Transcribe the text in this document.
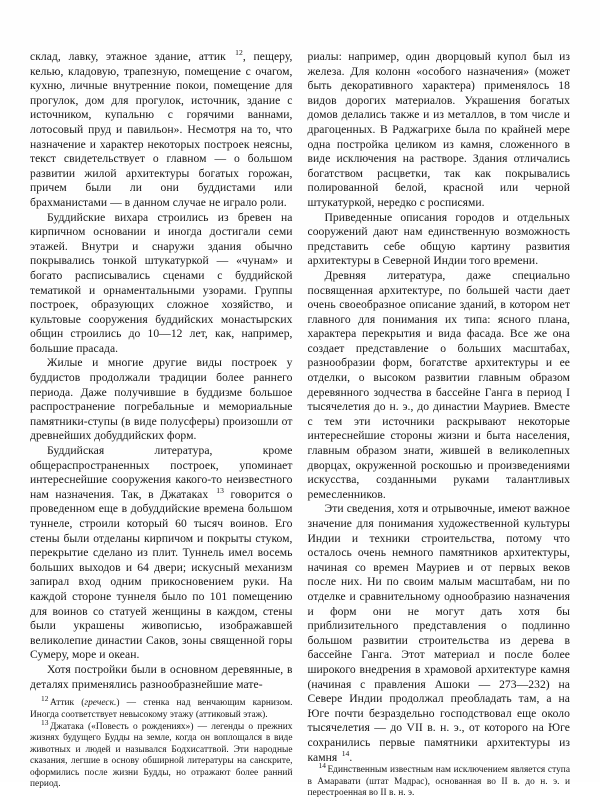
склад, лавку, этажное здание, аттик $^{12}$, пещеру, келью, кладовую, трапезную, помещение с очагом, кухню, личные внутренние покои, помещение для прогулок, дом для прогулок, источник, здание с источником, купальню с горячими ваннами, лотосовый пруд и павильон». Несмотря на то, что назначение и характер некоторых построек неясны, текст свидетельствует о главном — о большом развитии жилой архитектуры богатых горожан, причем были ли они буддистами или брахманистами — в данном случае не играло роли.

Буддийские вихара строились из бревен на кирпичном основании и иногда достигали семи этажей. Внутри и снаружи здания обычно покрывались тонкой штукатуркой — «чунам» и богато расписывались сценами с буддийской тематикой и орнаментальными узорами. Группы построек, образующих сложное хозяйство, и культовые сооружения буддийских монастырских общин строились до 10—12 лет, как, например, большие прасада.

Жилые и многие другие виды построек у буддистов продолжали традиции более раннего периода. Даже получившие в буддизме большое распространение погребальные и мемориальные памятники-ступы (в виде полусферы) произошли от древнейших добуддийских форм.

Буддийская литература, кроме общераспространенных построек, упоминает интереснейшие сооружения какого-то неизвестного нам назначения. Так, в Джатаках $^{13}$ говорится о проведенном еще в добуддийские времена большом туннеле, строили который 60 тысяч воинов. Его стены были отделаны кирпичом и покрыты стуком, перекрытие сделано из плит. Туннель имел восемь больших выходов и 64 двери; искусный механизм запирал вход одним прикосновением руки. На каждой стороне туннеля было по 101 помещению для воинов со статуей женщины в каждом, стены были украшены живописью, изображавшей великолепие династии Саков, зоны священной горы Сумеру, море и океан.

Хотя постройки были в основном деревянные, в деталях применялись разнообразнейшие мате-

$^{12}$ Аттик (греческ.) — стенка над венчающим карнизом. Иногда соответствует невысокому этажу (аттиковый этаж).

$^{13}$ Джатака («Повесть о рождениях») — легенды о прежних жизнях будущего Будды на земле, когда он воплощался в виде животных и людей и назывался Бодхисаттвой. Эти народные сказания, легшие в основу обширной литературы на санскрите, оформились после жизни Будды, но отражают более ранний период.

риалы: например, один дворцовый купол был из железа. Для колонн «особого назначения» (может быть декоративного характера) применялось 18 видов дорогих материалов. Украшения богатых домов делались также и из металлов, в том числе и драгоценных. В Раджагрихе была по крайней мере одна постройка целиком из камня, сложенного в виде исключения на растворе. Здания отличались богатством расцветки, так как покрывались полированной белой, красной или черной штукатуркой, нередко с росписями.

Приведенные описания городов и отдельных сооружений дают нам единственную возможность представить себе общую картину развития архитектуры в Северной Индии того времени.

Древняя литература, даже специально посвященная архитектуре, по большей части дает очень своеобразное описание зданий, в котором нет главного для понимания их типа: ясного плана, характера перекрытия и вида фасада. Все же она создает представление о больших масштабах, разнообразии форм, богатстве архитектуры и ее отделки, о высоком развитии главным образом деревянного зодчества в бассейне Ганга в период I тысячелетия до н. э., до династии Мауриев. Вместе с тем эти источники раскрывают некоторые интереснейшие стороны жизни и быта населения, главным образом знати, жившей в великолепных дворцах, окруженной роскошью и произведениями искусства, созданными руками талантливых ремесленников.

Эти сведения, хотя и отрывочные, имеют важное значение для понимания художественной культуры Индии и техники строительства, потому что осталось очень немного памятников архитектуры, начиная со времен Мауриев и от первых веков после них. Ни по своим малым масштабам, ни по отделке и сравнительному однообразию назначения и форм они не могут дать хотя бы приблизительного представления о подлинно большом развитии строительства из дерева в бассейне Ганга. Этот материал и после более широкого внедрения в храмовой архитектуре камня (начиная с правления Ашоки — 273—232) на Севере Индии продолжал преобладать там, а на Юге почти безраздельно господствовал еще около тысячелетия — до VII в. н. э., от которого на Юге сохранились первые памятники архитектуры из камня $^{14}$.

$^{14}$ Единственным известным нам исключением является ступа в Амаравати (штат Мадрас), основанная во II в. до н. э. и перестроенная во II в. н. э.
